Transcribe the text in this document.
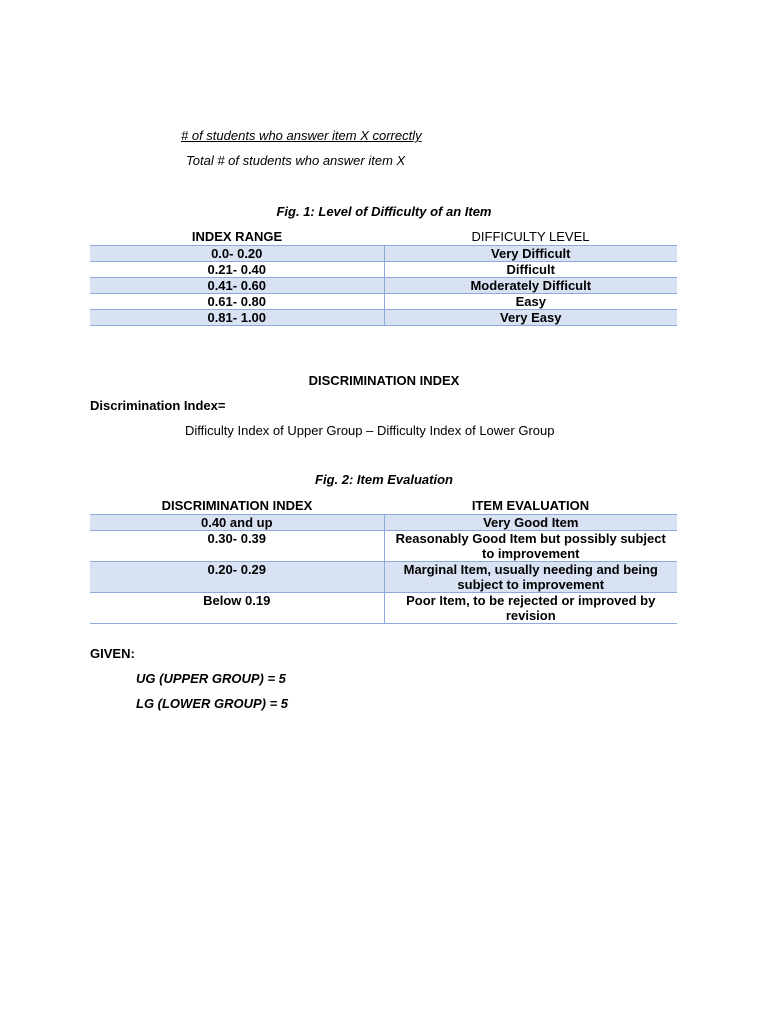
# of students who answer item X correctly
Total # of students who answer item X
Fig. 1: Level of Difficulty of an Item
INDEX RANGE	DIFFICULTY LEVEL
0.0- 0.20	Very Difficult
0.21- 0.40	Difficult
0.41- 0.60	Moderately Difficult
0.61- 0.80	Easy
0.81- 1.00	Very Easy
DISCRIMINATION INDEX
Discrimination Index=
Difficulty Index of Upper Group – Difficulty Index of Lower Group
Fig. 2: Item Evaluation
DISCRIMINATION INDEX	ITEM EVALUATION
0.40 and up	Very Good Item
0.30- 0.39	Reasonably Good Item but possibly subject to improvement
0.20- 0.29	Marginal Item, usually needing and being subject to improvement
Below 0.19	Poor Item, to be rejected or improved by revision
GIVEN:
UG (UPPER GROUP) = 5
LG (LOWER GROUP) = 5
